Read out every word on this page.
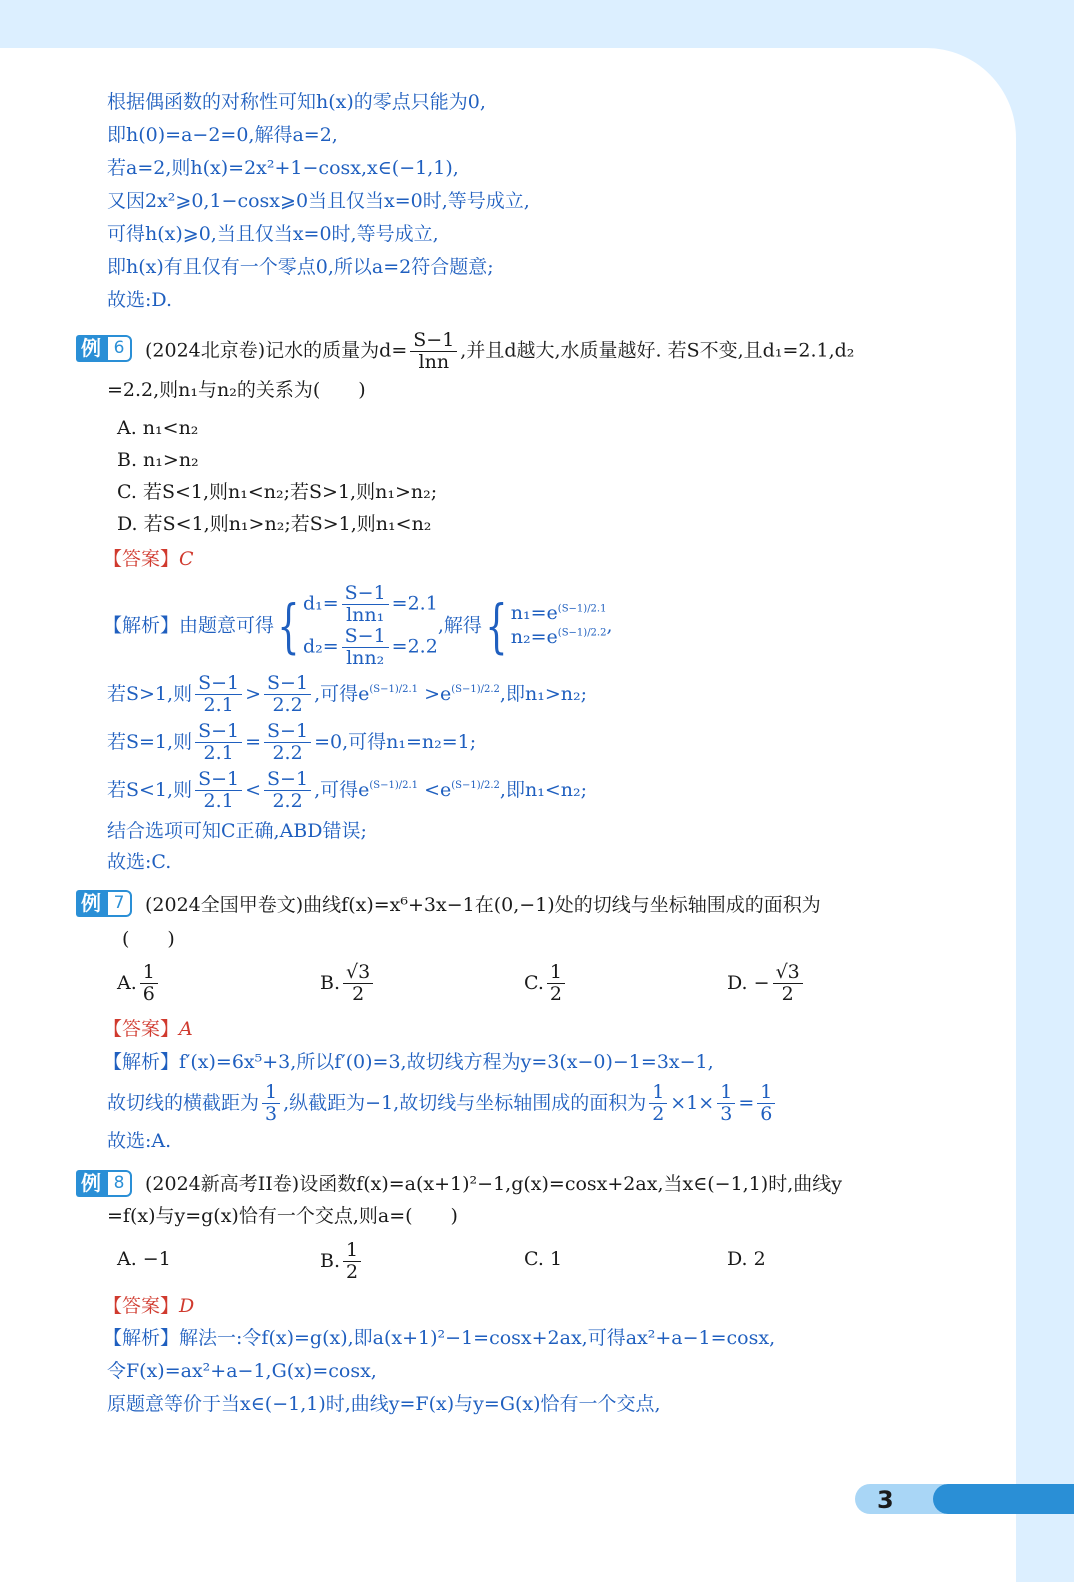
根据偶函数的对称性可知h(x)的零点只能为0,
即h(0)=a−2=0,解得a=2,
若a=2,则h(x)=2x²+1−cosx,x∈(−1,1),
又因2x²⩾0,1−cosx⩾0当且仅当x=0时,等号成立,
可得h(x)⩾0,当且仅当x=0时,等号成立,
即h(x)有且仅有一个零点0,所以a=2符合题意;
故选:D.
例 6	(2024北京卷)记水的质量为$d= \frac{S-1}{\ln n}$ ,并且d越大,水质量越好. 若S不变,且d₁=2.1,d₂
=2.2,则n₁与n₂的关系为(　　)
A. n₁<n₂
B. n₁>n₂
C. 若S<1,则n₁<n₂;若S>1,则n₁>n₂;
D. 若S<1,则n₁>n₂;若S>1,则n₁<n₂
【答案】C
【解析】由题意可得{ $d_1= \frac{S-1}{\text{lnn₁}} =2.1$
$d_2= \frac{S-1}{\text{lnn₂}} =2.2$
,解得{ $n_1=e^{(S-1)/2.1}$
$n_2=e^{(S-1)/2.2}$ ,
若S>1,则 $\frac{S-1}{2.1} > \frac{S-1}{2.2}$ ,可得$e^{(S-1)/2.1} >e^{(S-1)/2.2}$,即n₁>n₂;
若S=1,则 $\frac{S-1}{2.1} = \frac{S-1}{2.2} =0$,可得n₁=n₂=1;
若S<1,则 $\frac{S-1}{2.1} < \frac{S-1}{2.2}$ ,可得$e^{(S-1)/2.1} <e^{(S-1)/2.2}$,即n₁<n₂;
结合选项可知C正确,ABD错误;
故选:C.
例 7	(2024全国甲卷文)曲线f(x)=x⁶+3x−1在(0,−1)处的切线与坐标轴围成的面积为
(　　)
A. $\frac{1}{6}$	B. $\frac{√3}{2}$	C. $\frac{1}{2}$	D. − $\frac{√3}{2}$
【答案】A
【解析】f′(x)=6x⁵+3,所以f′(0)=3,故切线方程为y=3(x−0)−1=3x−1,
故切线的横截距为 $\frac{1}{3}$ ,纵截距为−1,故切线与坐标轴围成的面积为 $\frac{1}{2} \times 1\times \frac{1}{3} = \frac{1}{6}$
故选:A.
例 8	(2024新高考II卷)设函数f(x)=a(x+1)²−1,g(x)=cosx+2ax,当x∈(−1,1)时,曲线y
=f(x)与y=g(x)恰有一个交点,则a=(　　)
A. −1	B. $\frac{1}{2}$	C. 1	D. 2
【答案】D
【解析】解法一:令f(x)=g(x),即a(x+1)²−1=cosx+2ax,可得ax²+a−1=cosx,
令F(x)=ax²+a−1,G(x)=cosx,
原题意等价于当x∈(−1,1)时,曲线y=F(x)与y=G(x)恰有一个交点,
3
